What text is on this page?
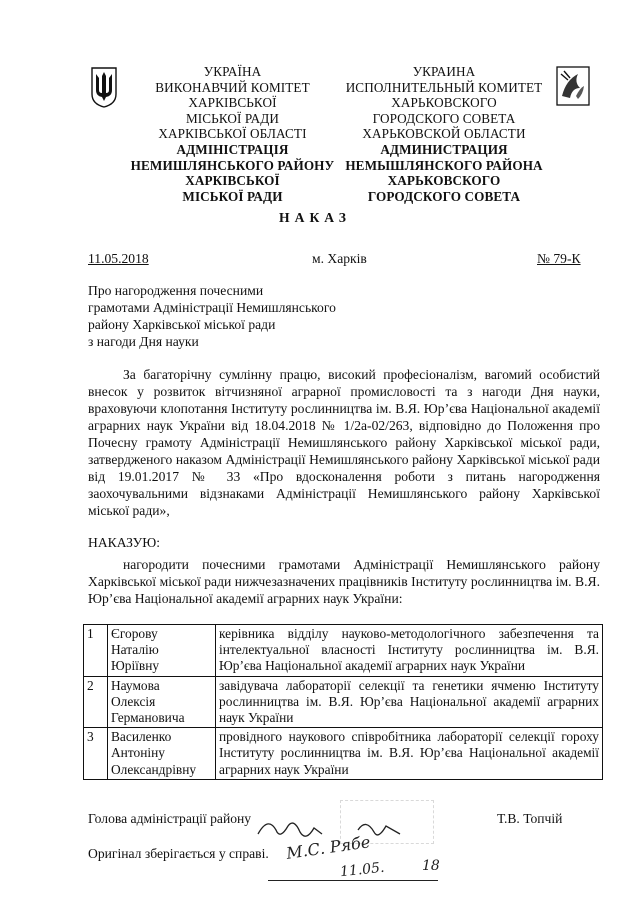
УКРАЇНА
ВИКОНАВЧИЙ КОМІТЕТ
ХАРКІВСЬКОЇ
МІСЬКОЇ РАДИ
ХАРКІВСЬКОЇ ОБЛАСТІ
АДМІНІСТРАЦІЯ
НЕМИШЛЯНСЬКОГО РАЙОНУ
ХАРКІВСЬКОЇ
МІСЬКОЇ РАДИ
УКРАИНА
ИСПОЛНИТЕЛЬНЫЙ КОМИТЕТ
ХАРЬКОВСКОГО
ГОРОДСКОГО СОВЕТА
ХАРЬКОВСКОЙ ОБЛАСТИ
АДМИНИСТРАЦИЯ
НЕМЫШЛЯНСКОГО РАЙОНА
ХАРЬКОВСКОГО
ГОРОДСКОГО СОВЕТА
НАКАЗ
11.05.2018	м. Харків	№ 79-К
Про нагородження почесними
грамотами Адміністрації Немишлянського
району Харківської міської ради
з нагоди Дня науки
За багаторічну сумлінну працю, високий професіоналізм, вагомий особистий внесок у розвиток вітчизняної аграрної промисловості та з нагоди Дня науки, враховуючи клопотання Інституту рослинництва ім. В.Я. Юр’єва Національної академії аграрних наук України від 18.04.2018 № 1/2а-02/263, відповідно до Положення про Почесну грамоту Адміністрації Немишлянського району Харківської міської ради, затвердженого наказом Адміністрації Немишлянського району Харківської міської ради від 19.01.2017 № 33 «Про вдосконалення роботи з питань нагородження заохочувальними відзнаками Адміністрації Немишлянського району Харківської міської ради»,
НАКАЗУЮ:
нагородити почесними грамотами Адміністрації Немишлянського району Харківської міської ради нижчезазначених працівників Інституту рослинництва ім. В.Я. Юр’єва Національної академії аграрних наук України:
1	Єгорову
Наталію
Юріївну	керівника відділу науково-методологічного забезпечення та інтелектуальної власності Інституту рослинництва ім. В.Я. Юр’єва Національної академії аграрних наук України
2	Наумова
Олексія
Германовича	завідувача лабораторії селекції та генетики ячменю Інституту рослинництва ім. В.Я. Юр’єва Національної академії аграрних наук України
3	Василенко
Антоніну
Олександрівну	провідного наукового співробітника лабораторії селекції гороху Інституту рослинництва ім. В.Я. Юр’єва Національної академії аграрних наук України
Голова адміністрації району	Т.В. Топчій
Оригінал зберігається у справі. М.С. Рябе
11.05.	18
